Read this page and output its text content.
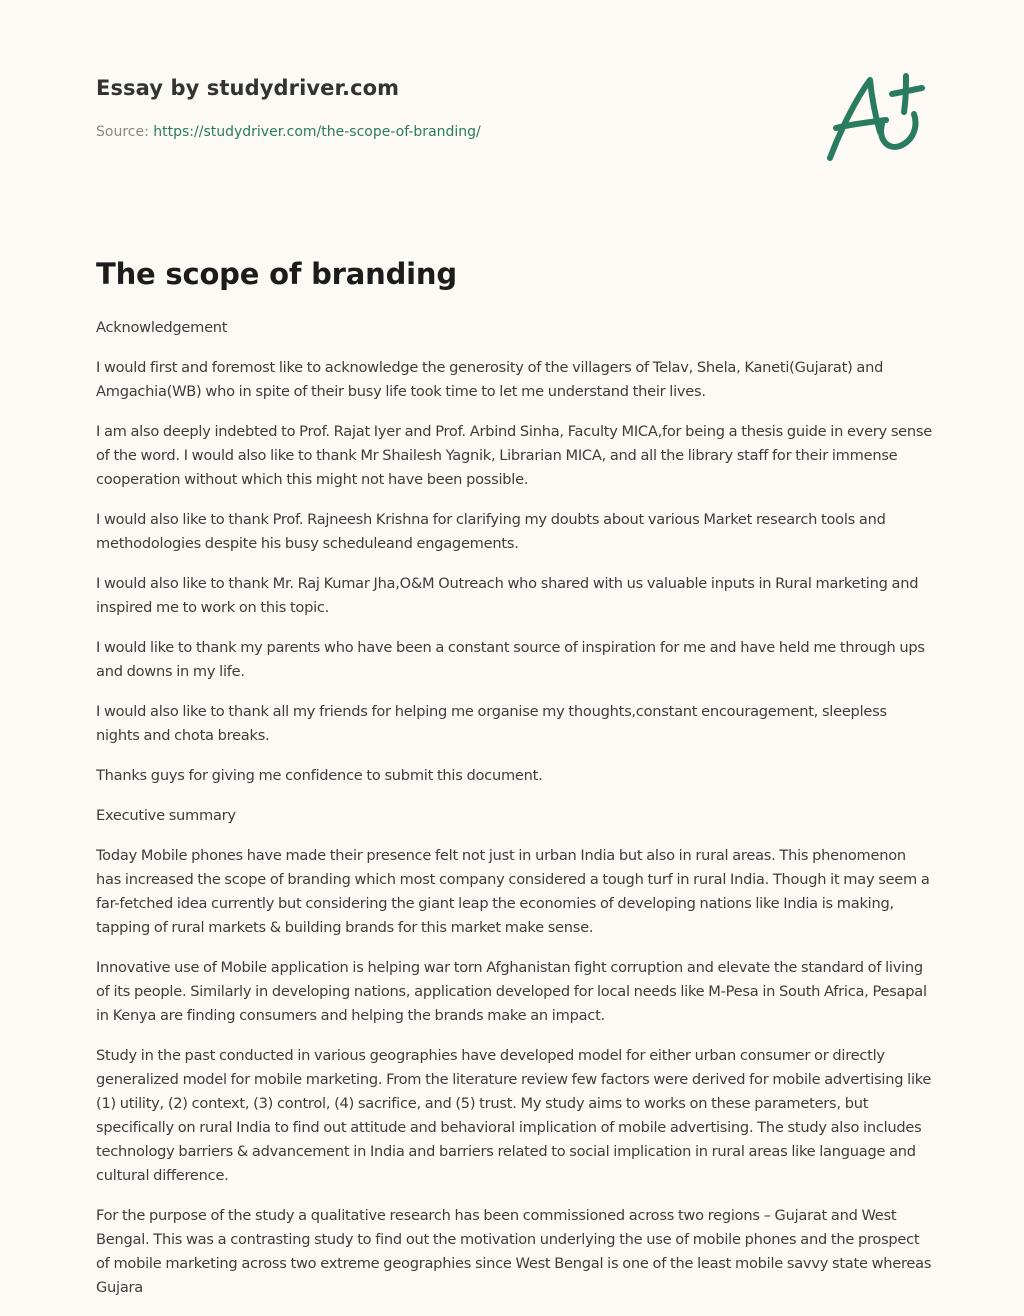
Essay by studydriver.com
Source: https://studydriver.com/the-scope-of-branding/
The scope of branding

Acknowledgement

I would first and foremost like to acknowledge the generosity of the villagers of Telav, Shela, Kaneti(Gujarat) and Amgachia(WB) who in spite of their busy life took time to let me understand their lives.

I am also deeply indebted to Prof. Rajat Iyer and Prof. Arbind Sinha, Faculty MICA,for being a thesis guide in every sense of the word. I would also like to thank Mr Shailesh Yagnik, Librarian MICA, and all the library staff for their immense cooperation without which this might not have been possible.

I would also like to thank Prof. Rajneesh Krishna for clarifying my doubts about various Market research tools and methodologies despite his busy scheduleand engagements.

I would also like to thank Mr. Raj Kumar Jha,O&M Outreach who shared with us valuable inputs in Rural marketing and inspired me to work on this topic.

I would like to thank my parents who have been a constant source of inspiration for me and have held me through ups and downs in my life.

I would also like to thank all my friends for helping me organise my thoughts,constant encouragement, sleepless nights and chota breaks.

Thanks guys for giving me confidence to submit this document.

Executive summary

Today Mobile phones have made their presence felt not just in urban India but also in rural areas. This phenomenon has increased the scope of branding which most company considered a tough turf in rural India. Though it may seem a far-fetched idea currently but considering the giant leap the economies of developing nations like India is making, tapping of rural markets & building brands for this market make sense.

Innovative use of Mobile application is helping war torn Afghanistan fight corruption and elevate the standard of living of its people. Similarly in developing nations, application developed for local needs like M-Pesa in South Africa, Pesapal in Kenya are finding consumers and helping the brands make an impact.

Study in the past conducted in various geographies have developed model for either urban consumer or directly generalized model for mobile marketing. From the literature review few factors were derived for mobile advertising like (1) utility, (2) context, (3) control, (4) sacrifice, and (5) trust. My study aims to works on these parameters, but specifically on rural India to find out attitude and behavioral implication of mobile advertising. The study also includes technology barriers & advancement in India and barriers related to social implication in rural areas like language and cultural difference.

For the purpose of the study a qualitative research has been commissioned across two regions – Gujarat and West Bengal. This was a contrasting study to find out the motivation underlying the use of mobile phones and the prospect of mobile marketing across two extreme geographies since West Bengal is one of the least mobile savvy state whereas Gujara
